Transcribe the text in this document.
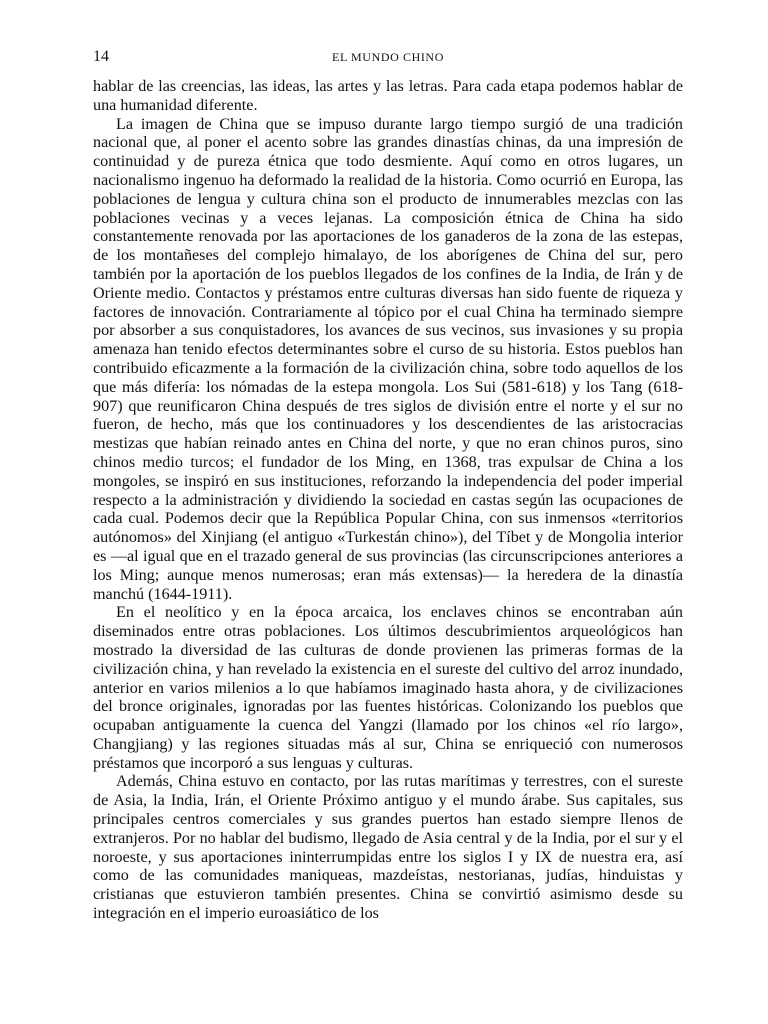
14	EL MUNDO CHINO

hablar de las creencias, las ideas, las artes y las letras. Para cada etapa podemos hablar de una humanidad diferente.

La imagen de China que se impuso durante largo tiempo surgió de una tradición nacional que, al poner el acento sobre las grandes dinastías chinas, da una impresión de continuidad y de pureza étnica que todo desmiente. Aquí como en otros lugares, un nacionalismo ingenuo ha deformado la realidad de la historia. Como ocurrió en Europa, las poblaciones de lengua y cultura china son el producto de innumerables mezclas con las poblaciones vecinas y a veces lejanas. La composición étnica de China ha sido constantemente renovada por las aportaciones de los ganaderos de la zona de las estepas, de los montañeses del complejo himalayo, de los aborígenes de China del sur, pero también por la aportación de los pueblos llegados de los confines de la India, de Irán y de Oriente medio. Contactos y préstamos entre culturas diversas han sido fuente de riqueza y factores de innovación. Contrariamente al tópico por el cual China ha terminado siempre por absorber a sus conquistadores, los avances de sus vecinos, sus invasiones y su propia amenaza han tenido efectos determinantes sobre el curso de su historia. Estos pueblos han contribuido eficazmente a la formación de la civilización china, sobre todo aquellos de los que más difería: los nómadas de la estepa mongola. Los Sui (581-618) y los Tang (618-907) que reunificaron China después de tres siglos de división entre el norte y el sur no fueron, de hecho, más que los continuadores y los descendientes de las aristocracias mestizas que habían reinado antes en China del norte, y que no eran chinos puros, sino chinos medio turcos; el fundador de los Ming, en 1368, tras expulsar de China a los mongoles, se inspiró en sus instituciones, reforzando la independencia del poder imperial respecto a la administración y dividiendo la sociedad en castas según las ocupaciones de cada cual. Podemos decir que la República Popular China, con sus inmensos «territorios autónomos» del Xinjiang (el antiguo «Turkestán chino»), del Tíbet y de Mongolia interior es —al igual que en el trazado general de sus provincias (las circunscripciones anteriores a los Ming; aunque menos numerosas; eran más extensas)— la heredera de la dinastía manchú (1644-1911).

En el neolítico y en la época arcaica, los enclaves chinos se encontraban aún diseminados entre otras poblaciones. Los últimos descubrimientos arqueológicos han mostrado la diversidad de las culturas de donde provienen las primeras formas de la civilización china, y han revelado la existencia en el sureste del cultivo del arroz inundado, anterior en varios milenios a lo que habíamos imaginado hasta ahora, y de civilizaciones del bronce originales, ignoradas por las fuentes históricas. Colonizando los pueblos que ocupaban antiguamente la cuenca del Yangzi (llamado por los chinos «el río largo», Changjiang) y las regiones situadas más al sur, China se enriqueció con numerosos préstamos que incorporó a sus lenguas y culturas.

Además, China estuvo en contacto, por las rutas marítimas y terrestres, con el sureste de Asia, la India, Irán, el Oriente Próximo antiguo y el mundo árabe. Sus capitales, sus principales centros comerciales y sus grandes puertos han estado siempre llenos de extranjeros. Por no hablar del budismo, llegado de Asia central y de la India, por el sur y el noroeste, y sus aportaciones ininterrumpidas entre los siglos I y IX de nuestra era, así como de las comunidades maniqueas, mazdeístas, nestorianas, judías, hinduistas y cristianas que estuvieron también presentes. China se convirtió asimismo desde su integración en el imperio euroasiático de los
